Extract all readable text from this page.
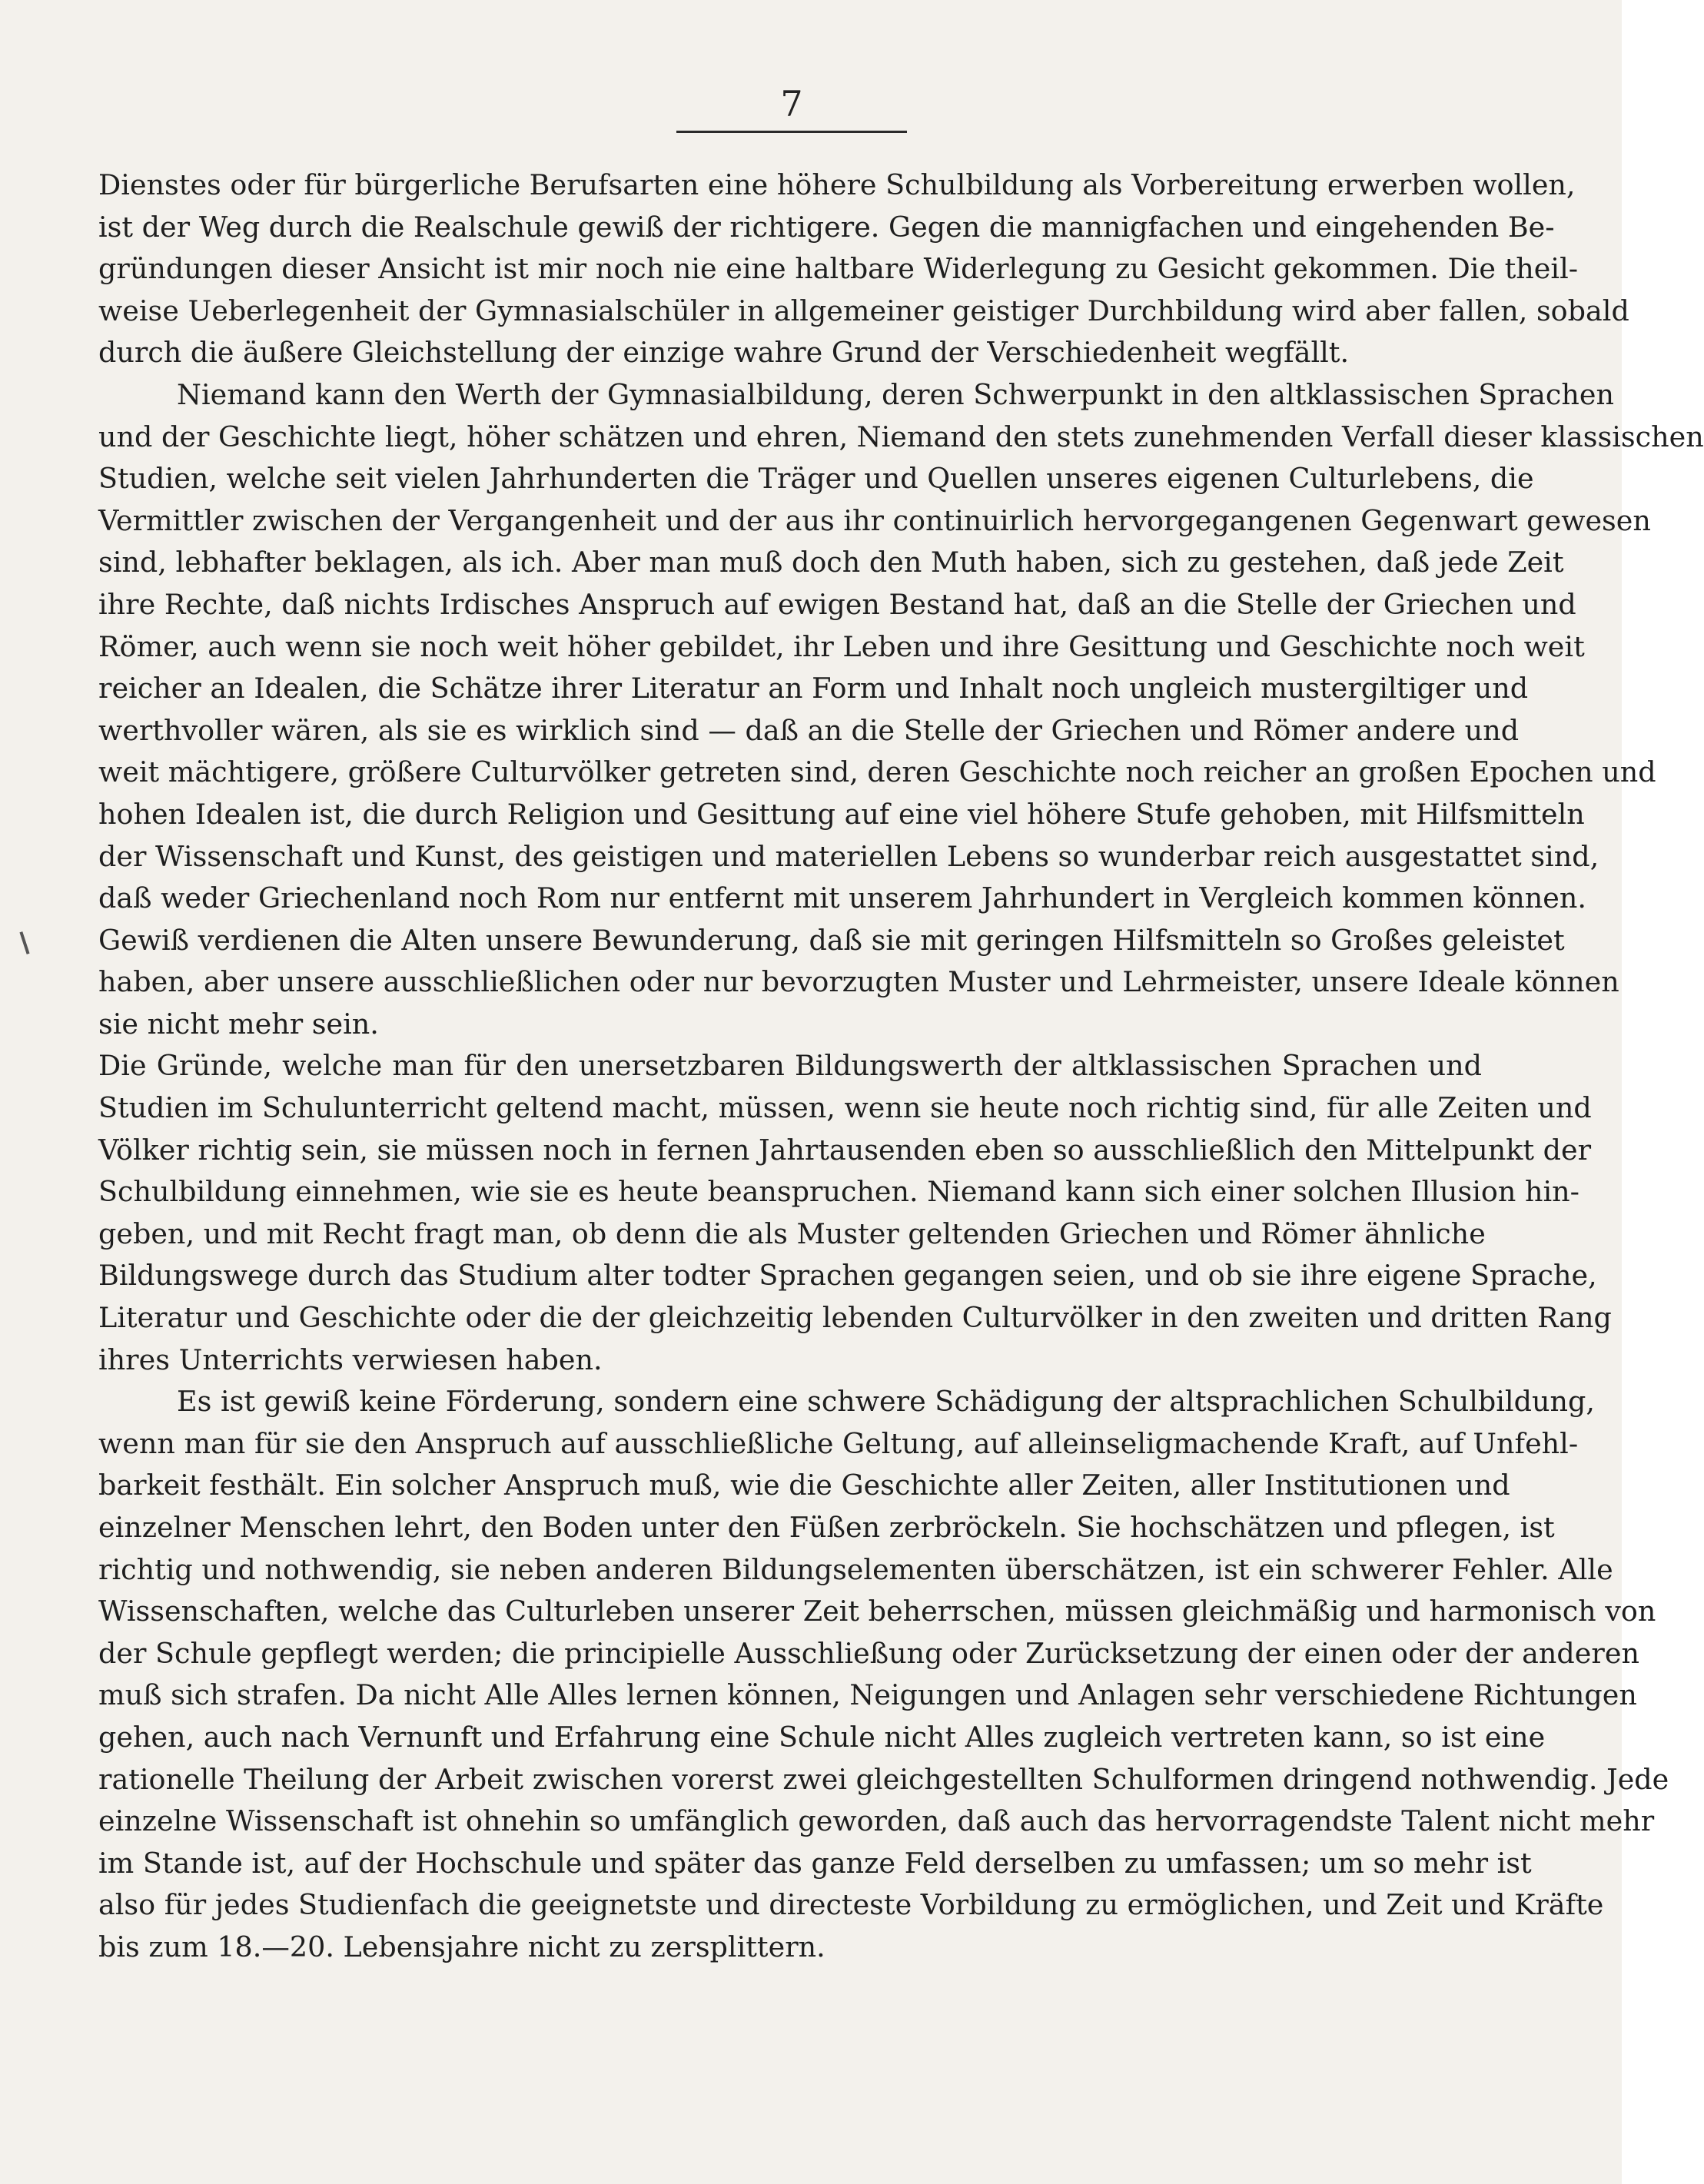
7
Dienstes oder für bürgerliche Berufsarten eine höhere Schulbildung als Vorbereitung erwerben wollen,
ist der Weg durch die Realschule gewiß der richtigere. Gegen die mannigfachen und eingehenden Be-
gründungen dieser Ansicht ist mir noch nie eine haltbare Widerlegung zu Gesicht gekommen. Die theil-
weise Ueberlegenheit der Gymnasialschüler in allgemeiner geistiger Durchbildung wird aber fallen, sobald
durch die äußere Gleichstellung der einzige wahre Grund der Verschiedenheit wegfällt.
Niemand kann den Werth der Gymnasialbildung, deren Schwerpunkt in den altklassischen Sprachen
und der Geschichte liegt, höher schätzen und ehren, Niemand den stets zunehmenden Verfall dieser klassischen
Studien, welche seit vielen Jahrhunderten die Träger und Quellen unseres eigenen Culturlebens, die
Vermittler zwischen der Vergangenheit und der aus ihr continuirlich hervorgegangenen Gegenwart gewesen
sind, lebhafter beklagen, als ich. Aber man muß doch den Muth haben, sich zu gestehen, daß jede Zeit
ihre Rechte, daß nichts Irdisches Anspruch auf ewigen Bestand hat, daß an die Stelle der Griechen und
Römer, auch wenn sie noch weit höher gebildet, ihr Leben und ihre Gesittung und Geschichte noch weit
reicher an Idealen, die Schätze ihrer Literatur an Form und Inhalt noch ungleich mustergiltiger und
werthvoller wären, als sie es wirklich sind — daß an die Stelle der Griechen und Römer andere und
weit mächtigere, größere Culturvölker getreten sind, deren Geschichte noch reicher an großen Epochen und
hohen Idealen ist, die durch Religion und Gesittung auf eine viel höhere Stufe gehoben, mit Hilfsmitteln
der Wissenschaft und Kunst, des geistigen und materiellen Lebens so wunderbar reich ausgestattet sind,
daß weder Griechenland noch Rom nur entfernt mit unserem Jahrhundert in Vergleich kommen können.
Gewiß verdienen die Alten unsere Bewunderung, daß sie mit geringen Hilfsmitteln so Großes geleistet
haben, aber unsere ausschließlichen oder nur bevorzugten Muster und Lehrmeister, unsere Ideale können
sie nicht mehr sein.
Die Gründe, welche man für den unersetzbaren Bildungswerth der altklassischen Sprachen und
Studien im Schulunterricht geltend macht, müssen, wenn sie heute noch richtig sind, für alle Zeiten und
Völker richtig sein, sie müssen noch in fernen Jahrtausenden eben so ausschließlich den Mittelpunkt der
Schulbildung einnehmen, wie sie es heute beanspruchen. Niemand kann sich einer solchen Illusion hin-
geben, und mit Recht fragt man, ob denn die als Muster geltenden Griechen und Römer ähnliche
Bildungswege durch das Studium alter todter Sprachen gegangen seien, und ob sie ihre eigene Sprache,
Literatur und Geschichte oder die der gleichzeitig lebenden Culturvölker in den zweiten und dritten Rang
ihres Unterrichts verwiesen haben.
Es ist gewiß keine Förderung, sondern eine schwere Schädigung der altsprachlichen Schulbildung,
wenn man für sie den Anspruch auf ausschließliche Geltung, auf alleinseligmachende Kraft, auf Unfehl-
barkeit festhält. Ein solcher Anspruch muß, wie die Geschichte aller Zeiten, aller Institutionen und
einzelner Menschen lehrt, den Boden unter den Füßen zerbröckeln. Sie hochschätzen und pflegen, ist
richtig und nothwendig, sie neben anderen Bildungselementen überschätzen, ist ein schwerer Fehler. Alle
Wissenschaften, welche das Culturleben unserer Zeit beherrschen, müssen gleichmäßig und harmonisch von
der Schule gepflegt werden; die principielle Ausschließung oder Zurücksetzung der einen oder der anderen
muß sich strafen. Da nicht Alle Alles lernen können, Neigungen und Anlagen sehr verschiedene Richtungen
gehen, auch nach Vernunft und Erfahrung eine Schule nicht Alles zugleich vertreten kann, so ist eine
rationelle Theilung der Arbeit zwischen vorerst zwei gleichgestellten Schulformen dringend nothwendig. Jede
einzelne Wissenschaft ist ohnehin so umfänglich geworden, daß auch das hervorragendste Talent nicht mehr
im Stande ist, auf der Hochschule und später das ganze Feld derselben zu umfassen; um so mehr ist
also für jedes Studienfach die geeignetste und directeste Vorbildung zu ermöglichen, und Zeit und Kräfte
bis zum 18.—20. Lebensjahre nicht zu zersplittern.
